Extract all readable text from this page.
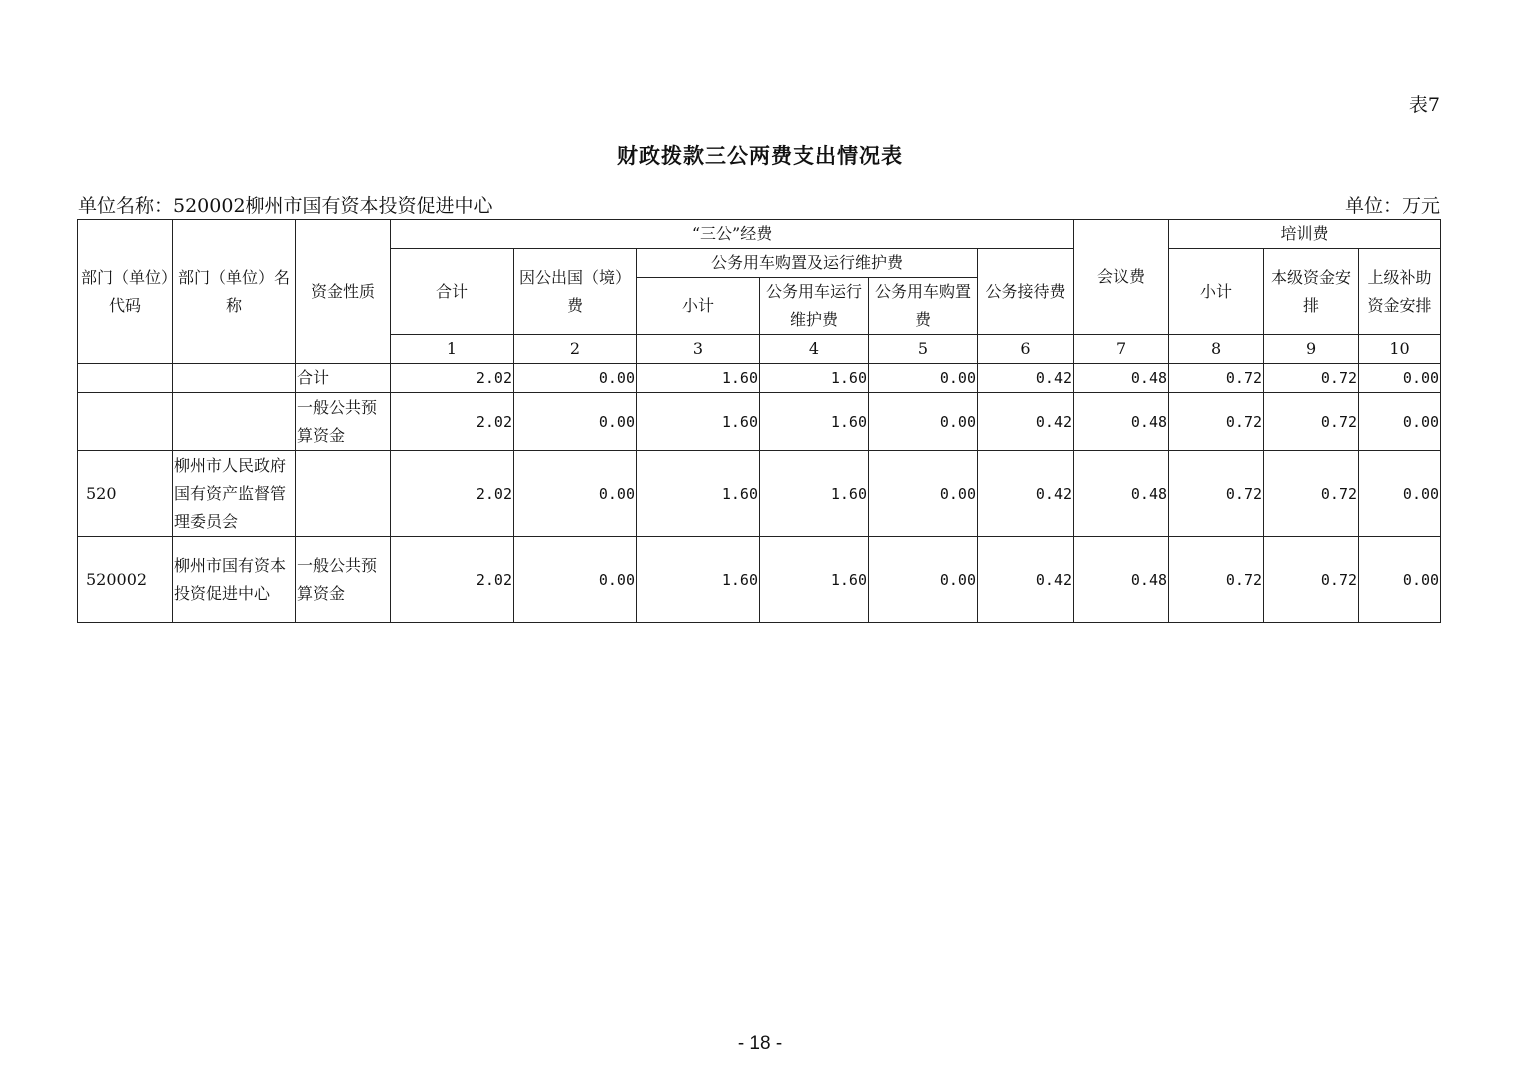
表7
财政拨款三公两费支出情况表
单位名称：520002柳州市国有资本投资促进中心	单位：万元
部门（单位）代码	部门（单位）名称	资金性质	“三公”经费						会议费	培训费		
			合计	因公出国（境）费	公务用车购置及运行维护费			公务接待费		小计	本级资金安排	上级补助资金安排
					小计	公务用车运行维护费	公务用车购置费					
			1	2	3	4	5	6	7	8	9	10
		合计	2.02	0.00	1.60	1.60	0.00	0.42	0.48	0.72	0.72	0.00
		一般公共预算资金	2.02	0.00	1.60	1.60	0.00	0.42	0.48	0.72	0.72	0.00
520	柳州市人民政府国有资产监督管理委员会		2.02	0.00	1.60	1.60	0.00	0.42	0.48	0.72	0.72	0.00
520002	柳州市国有资本投资促进中心	一般公共预算资金	2.02	0.00	1.60	1.60	0.00	0.42	0.48	0.72	0.72	0.00
- 18 -
